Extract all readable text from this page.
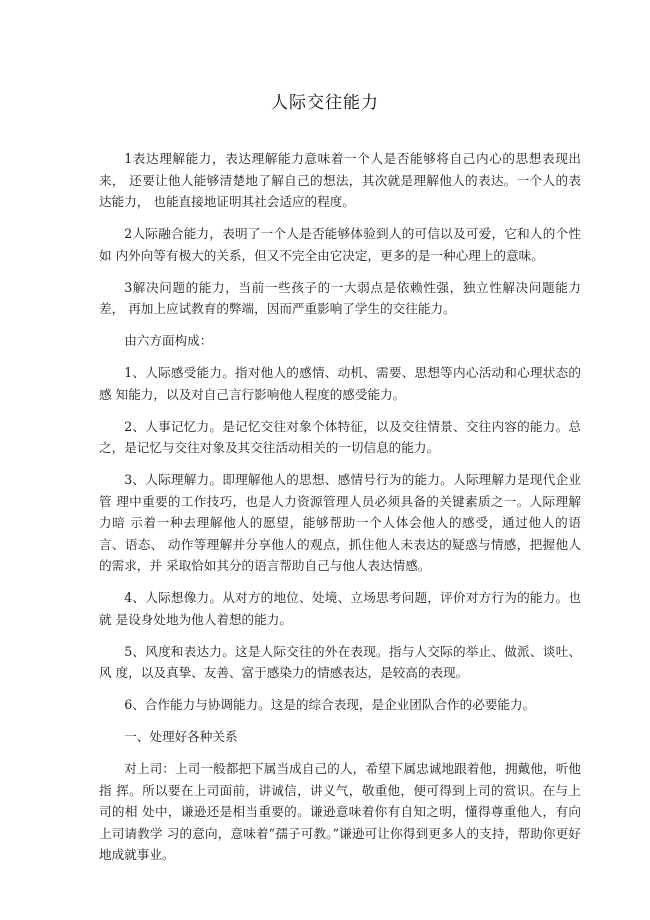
人际交往能力

1表达理解能力，表达理解能力意味着一个人是否能够将自己内心的思想表现出来， 还要让他人能够清楚地了解自己的想法，其次就是理解他人的表达。一个人的表达能力， 也能直接地证明其社会适应的程度。

2人际融合能力，表明了一个人是否能够体验到人的可信以及可爱，它和人的个性如 内外向等有极大的关系，但又不完全由它决定，更多的是一种心理上的意味。

3解决问题的能力，当前一些孩子的一大弱点是依赖性强，独立性解决问题能力差， 再加上应试教育的弊端，因而严重影响了学生的交往能力。

由六方面构成：

1、人际感受能力。指对他人的感情、动机、需要、思想等内心活动和心理状态的感 知能力，以及对自己言行影响他人程度的感受能力。

2、人事记忆力。是记忆交往对象个体特征，以及交往情景、交往内容的能力。总之，是记忆与交往对象及其交往活动相关的一切信息的能力。

3、人际理解力。即理解他人的思想、感情号行为的能力。人际理解力是现代企业管 理中重要的工作技巧，也是人力资源管理人员必须具备的关键素质之一。人际理解力暗 示着一种去理解他人的愿望，能够帮助一个人体会他人的感受，通过他人的语言、语态、 动作等理解并分享他人的观点，抓住他人未表达的疑惑与情感，把握他人的需求，并 采取恰如其分的语言帮助自己与他人表达情感。

4、人际想像力。从对方的地位、处境、立场思考问题，评价对方行为的能力。也就 是设身处地为他人着想的能力。

5、风度和表达力。这是人际交往的外在表现。指与人交际的举止、做派、谈吐、风 度，以及真挚、友善、富于感染力的情感表达，是较高的表现。

6、合作能力与协调能力。这是的综合表现，是企业团队合作的必要能力。

一、处理好各种关系

对上司：上司一般都把下属当成自己的人，希望下属忠诚地跟着他，拥戴他，听他指 挥。所以要在上司面前，讲诚信，讲义气，敬重他，便可得到上司的赏识。在与上司的相 处中，谦逊还是相当重要的。谦逊意味着你有自知之明，懂得尊重他人，有向上司请教学 习的意向，意味着“孺子可教。”谦逊可让你得到更多人的支持，帮助你更好地成就事业。
